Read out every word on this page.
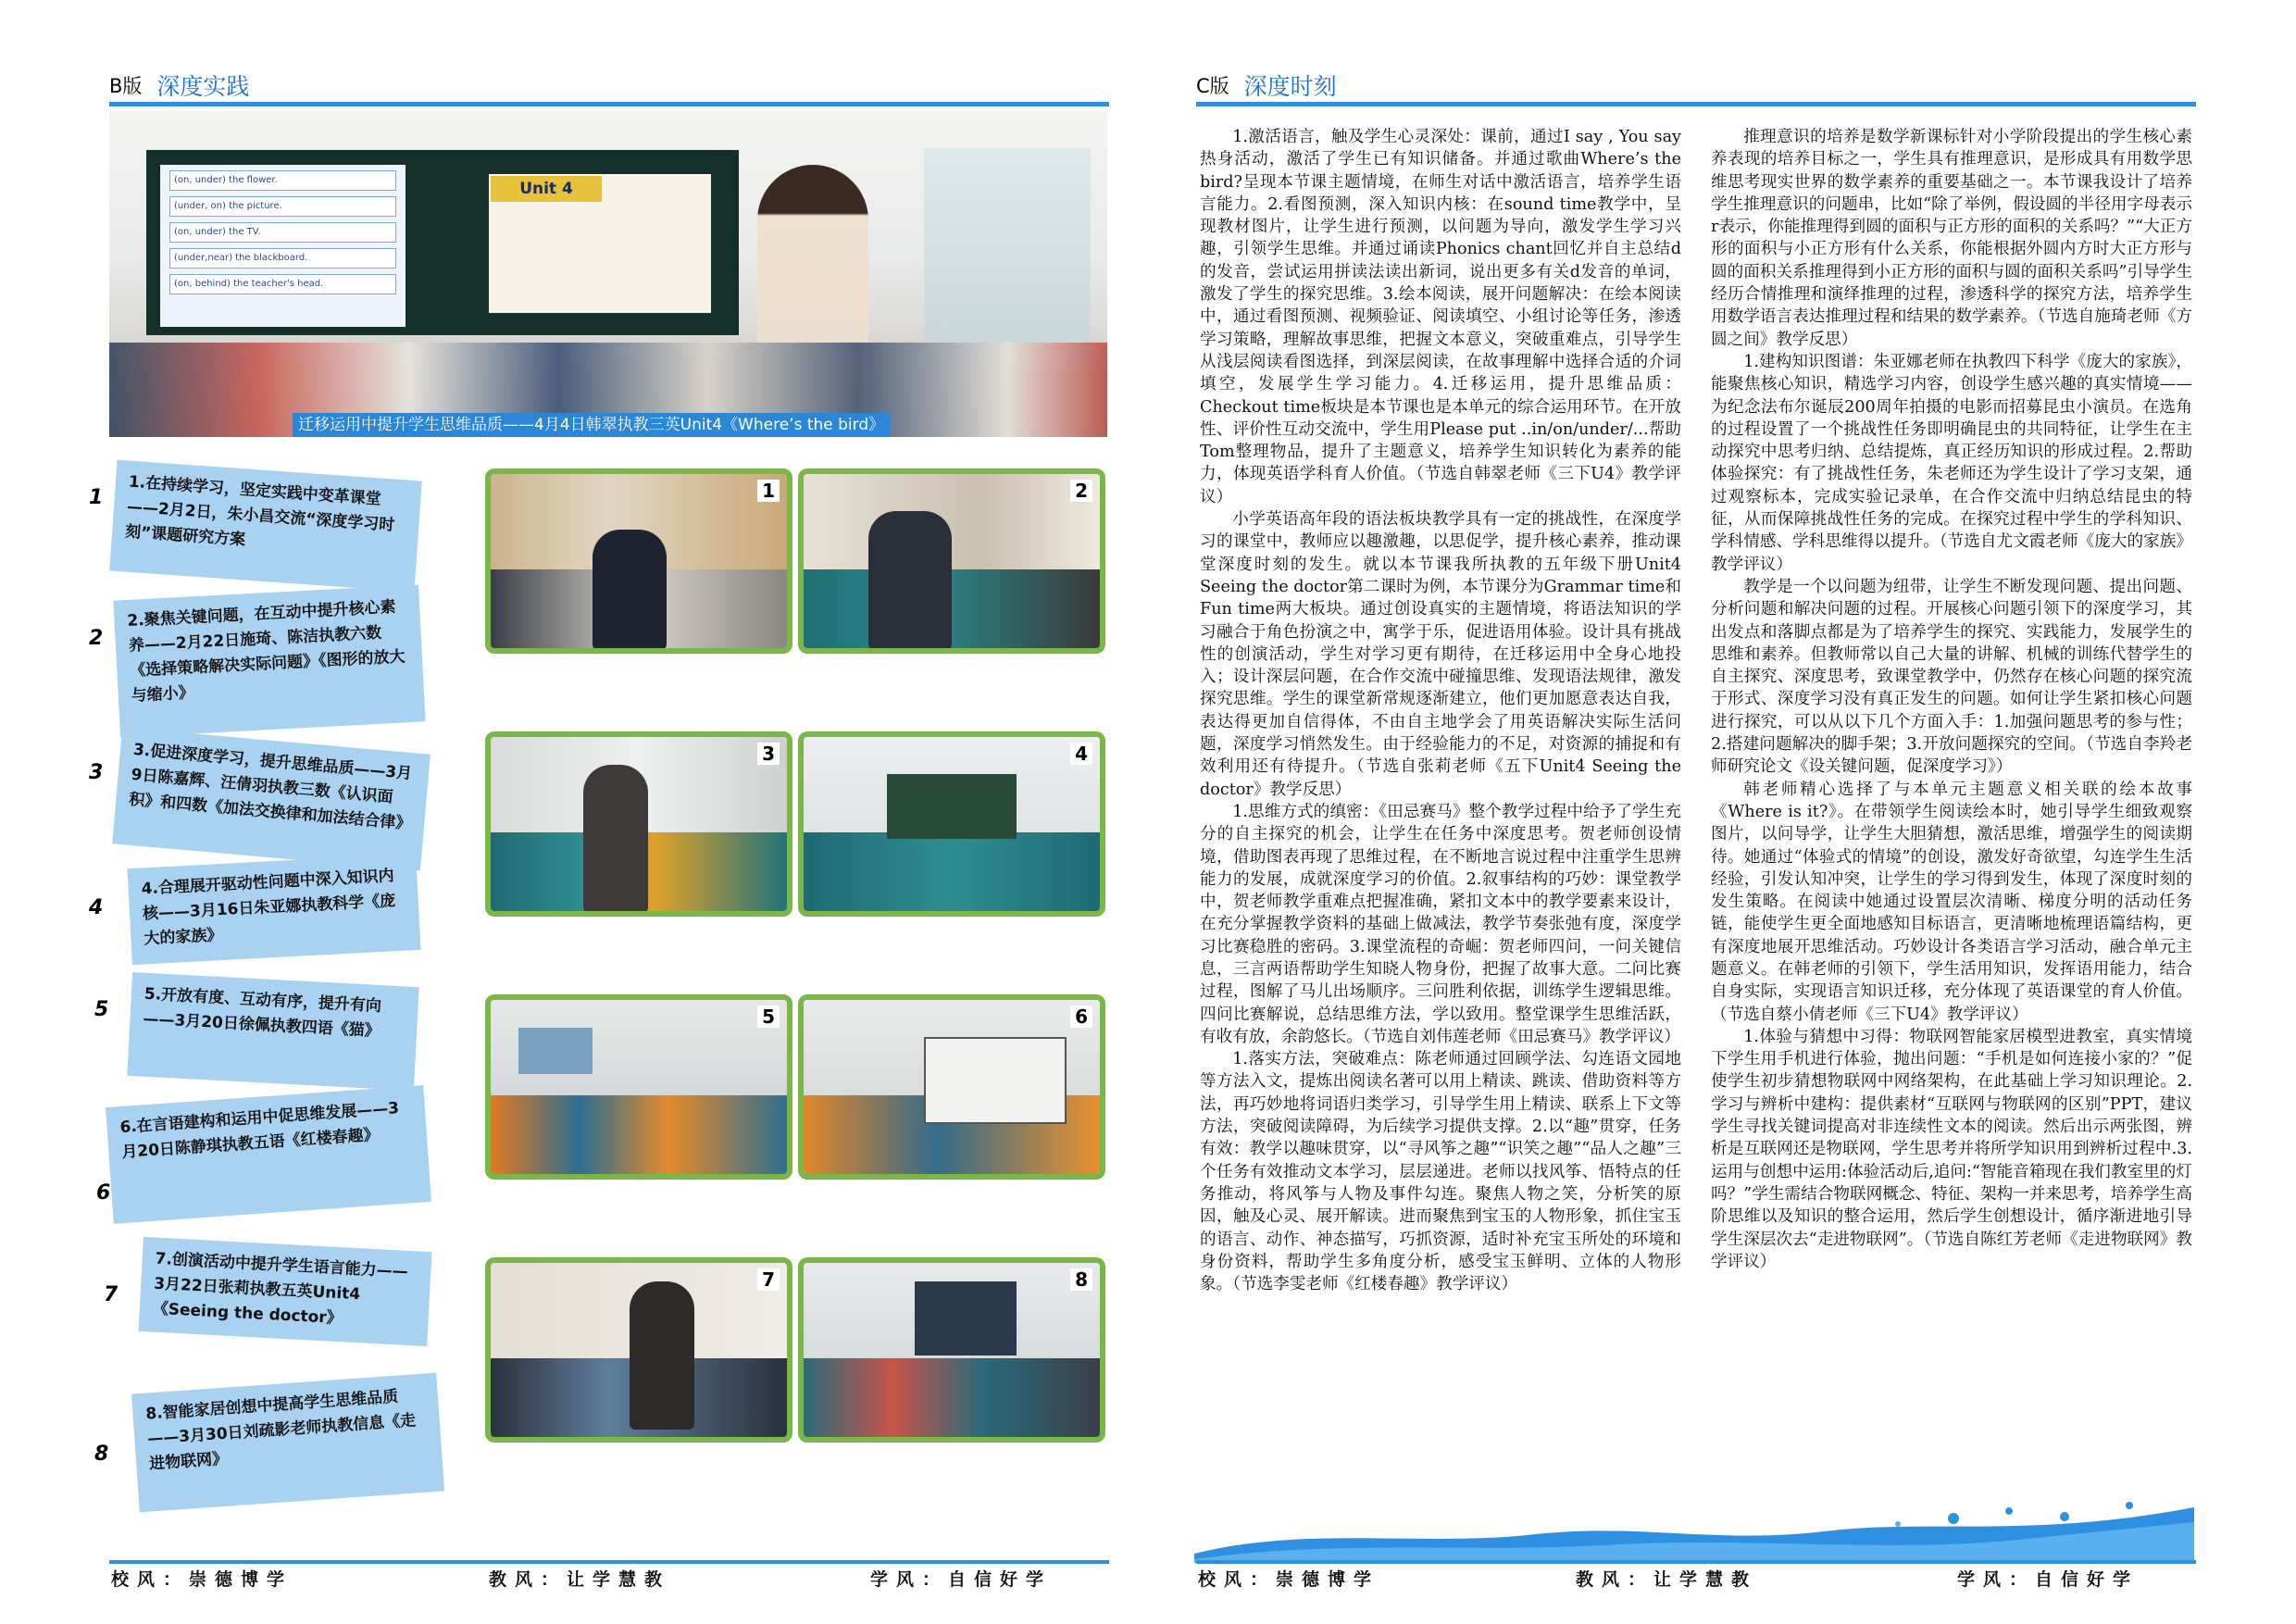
B版 深度实践
(on, under) the flower.
(under, on) the picture.
(on, under) the TV.
(under,near) the blackboard.
(on, behind) the teacher's head.
Unit 4
迁移运用中提升学生思维品质——4月4日韩翠执教三英Unit4《Where’s the bird》
1
2
3
4
5
6
7
8
1.在持续学习，坚定实践中变革课堂——2月2日，朱小昌交流“深度学习时刻”课题研究方案
2.聚焦关键问题，在互动中提升核心素养——2月22日施琦、陈洁执教六数《选择策略解决实际问题》《图形的放大与缩小》
3.促进深度学习，提升思维品质——3月9日陈嘉辉、汪倩羽执教三数《认识面积》和四数《加法交换律和加法结合律》
4.合理展开驱动性问题中深入知识内核——3月16日朱亚娜执教科学《庞大的家族》
5.开放有度、互动有序，提升有向——3月20日徐佩执教四语《猫》
6.在言语建构和运用中促思维发展——3月20日陈静琪执教五语《红楼春趣》
7.创演活动中提升学生语言能力——3月22日张莉执教五英Unit4《Seeing the doctor》
8.智能家居创想中提高学生思维品质——3月30日刘疏影老师执教信息《走进物联网》
1	2
3	4
5	6
7	8
校风：崇德博学	教风：让学慧教	学风：自信好学
C版 深度时刻

1.激活语言，触及学生心灵深处：课前，通过I say , You say 热身活动，激活了学生已有知识储备。并通过歌曲Where’s the bird?呈现本节课主题情境，在师生对话中激活语言，培养学生语言能力。2.看图预测，深入知识内核：在sound time教学中，呈现教材图片，让学生进行预测，以问题为导向，激发学生学习兴趣，引领学生思维。并通过诵读Phonics chant回忆并自主总结d的发音，尝试运用拼读法读出新词，说出更多有关d发音的单词，激发了学生的探究思维。3.绘本阅读，展开问题解决：在绘本阅读中，通过看图预测、视频验证、阅读填空、小组讨论等任务，渗透学习策略，理解故事思维，把握文本意义，突破重难点，引导学生从浅层阅读看图选择，到深层阅读，在故事理解中选择合适的介词填空，发展学生学习能力。4.迁移运用，提升思维品质：Checkout time板块是本节课也是本单元的综合运用环节。在开放性、评价性互动交流中，学生用Please put ..in/on/under/...帮助Tom整理物品，提升了主题意义，培养学生知识转化为素养的能力，体现英语学科育人价值。（节选自韩翠老师《三下U4》教学评议）

小学英语高年段的语法板块教学具有一定的挑战性，在深度学习的课堂中，教师应以趣激趣，以思促学，提升核心素养，推动课堂深度时刻的发生。就以本节课我所执教的五年级下册Unit4 Seeing the doctor第二课时为例，本节课分为Grammar time和Fun time两大板块。通过创设真实的主题情境，将语法知识的学习融合于角色扮演之中，寓学于乐，促进语用体验。设计具有挑战性的创演活动，学生对学习更有期待，在迁移运用中全身心地投入；设计深层问题，在合作交流中碰撞思维、发现语法规律，激发探究思维。学生的课堂新常规逐渐建立，他们更加愿意表达自我，表达得更加自信得体，不由自主地学会了用英语解决实际生活问题，深度学习悄然发生。由于经验能力的不足，对资源的捕捉和有效利用还有待提升。（节选自张莉老师《五下Unit4 Seeing the doctor》教学反思）

1.思维方式的缜密：《田忌赛马》整个教学过程中给予了学生充分的自主探究的机会，让学生在任务中深度思考。贺老师创设情境，借助图表再现了思维过程，在不断地言说过程中注重学生思辨能力的发展，成就深度学习的价值。2.叙事结构的巧妙：课堂教学中，贺老师教学重难点把握准确，紧扣文本中的教学要素来设计，在充分掌握教学资料的基础上做减法，教学节奏张弛有度，深度学习比赛稳胜的密码。3.课堂流程的奇崛：贺老师四问，一问关键信息，三言两语帮助学生知晓人物身份，把握了故事大意。二问比赛过程，图解了马儿出场顺序。三问胜利依据，训练学生逻辑思维。四问比赛解说，总结思维方法，学以致用。整堂课学生思维活跃，有收有放，余韵悠长。（节选自刘伟莲老师《田忌赛马》教学评议）

1.落实方法，突破难点：陈老师通过回顾学法、勾连语文园地等方法入文，提炼出阅读名著可以用上精读、跳读、借助资料等方法，再巧妙地将词语归类学习，引导学生用上精读、联系上下文等方法，突破阅读障碍，为后续学习提供支撑。2.以“趣”贯穿，任务有效：教学以趣味贯穿，以“寻风筝之趣”“识笑之趣”“品人之趣”三个任务有效推动文本学习，层层递进。老师以找风筝、悟特点的任务推动，将风筝与人物及事件勾连。聚焦人物之笑，分析笑的原因，触及心灵、展开解读。进而聚焦到宝玉的人物形象，抓住宝玉的语言、动作、神态描写，巧抓资源，适时补充宝玉所处的环境和身份资料，帮助学生多角度分析，感受宝玉鲜明、立体的人物形象。（节选李雯老师《红楼春趣》教学评议）

推理意识的培养是数学新课标针对小学阶段提出的学生核心素养表现的培养目标之一，学生具有推理意识，是形成具有用数学思维思考现实世界的数学素养的重要基础之一。本节课我设计了培养学生推理意识的问题串，比如“除了举例，假设圆的半径用字母表示r表示，你能推理得到圆的面积与正方形的面积的关系吗？”“大正方形的面积与小正方形有什么关系，你能根据外圆内方时大正方形与圆的面积关系推理得到小正方形的面积与圆的面积关系吗”引导学生经历合情推理和演绎推理的过程，渗透科学的探究方法，培养学生用数学语言表达推理过程和结果的数学素养。（节选自施琦老师《方圆之间》教学反思）

1.建构知识图谱：朱亚娜老师在执教四下科学《庞大的家族》，能聚焦核心知识，精选学习内容，创设学生感兴趣的真实情境——为纪念法布尔诞辰200周年拍摄的电影而招募昆虫小演员。在选角的过程设置了一个挑战性任务即明确昆虫的共同特征，让学生在主动探究中思考归纳、总结提炼，真正经历知识的形成过程。2.帮助体验探究：有了挑战性任务，朱老师还为学生设计了学习支架，通过观察标本，完成实验记录单，在合作交流中归纳总结昆虫的特征，从而保障挑战性任务的完成。在探究过程中学生的学科知识、学科情感、学科思维得以提升。（节选自尤文霞老师《庞大的家族》教学评议）

教学是一个以问题为纽带，让学生不断发现问题、提出问题、分析问题和解决问题的过程。开展核心问题引领下的深度学习，其出发点和落脚点都是为了培养学生的探究、实践能力，发展学生的思维和素养。但教师常以自己大量的讲解、机械的训练代替学生的自主探究、深度思考，致课堂教学中，仍然存在核心问题的探究流于形式、深度学习没有真正发生的问题。如何让学生紧扣核心问题进行探究，可以从以下几个方面入手：1.加强问题思考的参与性；2.搭建问题解决的脚手架；3.开放问题探究的空间。（节选自李羚老师研究论文《设关键问题，促深度学习》）

韩老师精心选择了与本单元主题意义相关联的绘本故事《Where is it?》。在带领学生阅读绘本时，她引导学生细致观察图片，以问导学，让学生大胆猜想，激活思维，增强学生的阅读期待。她通过“体验式的情境”的创设，激发好奇欲望，勾连学生生活经验，引发认知冲突，让学生的学习得到发生，体现了深度时刻的发生策略。在阅读中她通过设置层次清晰、梯度分明的活动任务链，能使学生更全面地感知目标语言，更清晰地梳理语篇结构，更有深度地展开思维活动。巧妙设计各类语言学习活动，融合单元主题意义。在韩老师的引领下，学生活用知识，发挥语用能力，结合自身实际，实现语言知识迁移，充分体现了英语课堂的育人价值。（节选自蔡小倩老师《三下U4》教学评议）

1.体验与猜想中习得：物联网智能家居模型进教室，真实情境下学生用手机进行体验，抛出问题：“手机是如何连接小家的？”促使学生初步猜想物联网中网络架构，在此基础上学习知识理论。2.学习与辨析中建构：提供素材“互联网与物联网的区别”PPT，建议学生寻找关键词提高对非连续性文本的阅读。然后出示两张图，辨析是互联网还是物联网，学生思考并将所学知识用到辨析过程中.3.运用与创想中运用:体验活动后,追问:“智能音箱现在我们教室里的灯吗？”学生需结合物联网概念、特征、架构一并来思考，培养学生高阶思维以及知识的整合运用，然后学生创想设计，循序渐进地引导学生深层次去“走进物联网”。（节选自陈红芳老师《走进物联网》教学评议）

校风：崇德博学	教风：让学慧教	学风：自信好学
